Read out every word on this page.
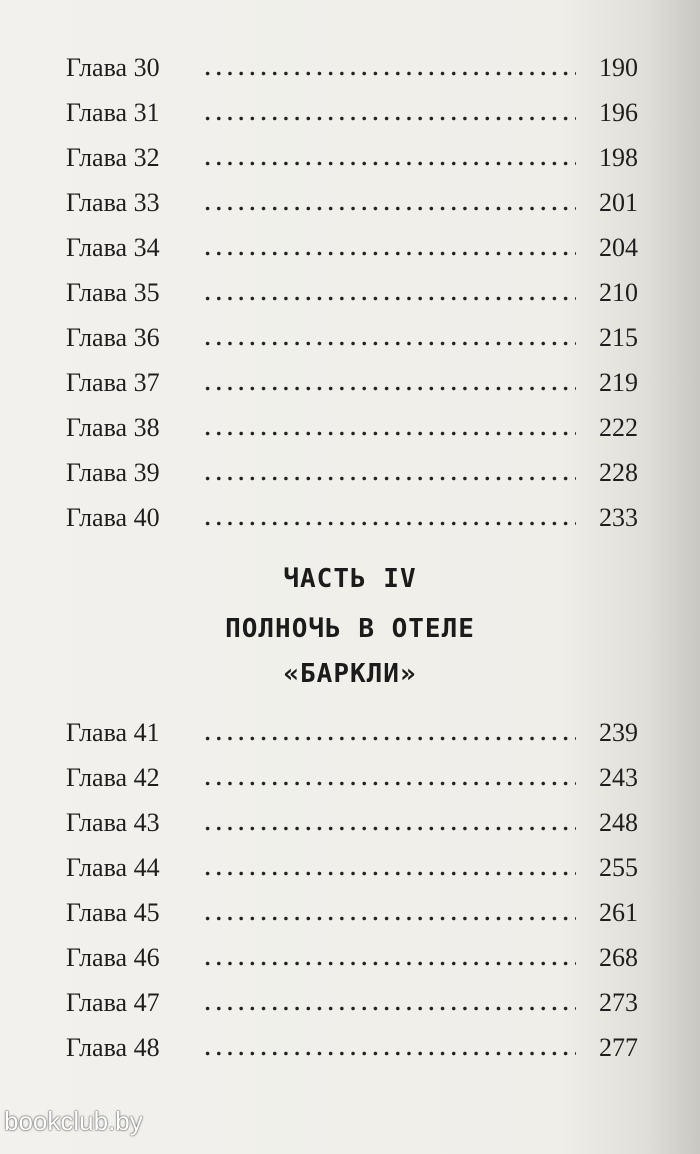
Глава 30	190
Глава 31	196
Глава 32	198
Глава 33	201
Глава 34	204
Глава 35	210
Глава 36	215
Глава 37	219
Глава 38	222
Глава 39	228
Глава 40	233
ЧАСТЬ IV
ПОЛНОЧЬ В ОТЕЛЕ
«БАРКЛИ»
Глава 41	239
Глава 42	243
Глава 43	248
Глава 44	255
Глава 45	261
Глава 46	268
Глава 47	273
Глава 48	277
bookclub.by
